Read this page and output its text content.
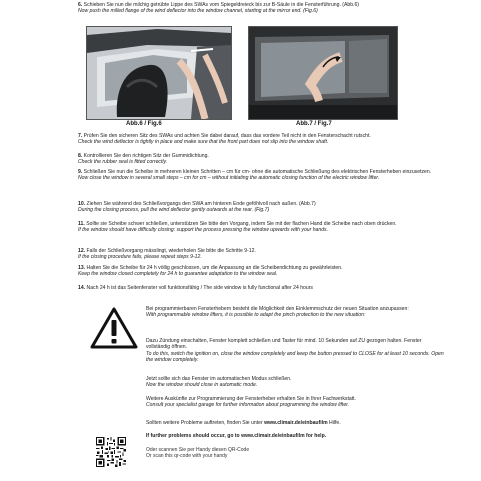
6. Schieben Sie nun die milchig getrübte Lippe des SWAs vom Spiegeldreieck bis zur B-Säule in die Fensterführung. (Abb.6)
Now push the milled flange of the wind deflector into the window channel, starting at the mirror end. (Fig.6)
Abb.6 / Fig.6	Abb.7 / Fig.7
7. Prüfen Sie den sicheren Sitz des SWAs und achten Sie dabei darauf, dass das vordere Teil nicht in den Fensterschacht rutscht.
Check the wind deflector is tightly in place and make sure that the front part does not slip into the window shaft.
8. Kontrollieren Sie den richtigen Sitz der Gummidichtung.
Check the rubber seal is fitted correctly.
9. Schließen Sie nun die Scheibe in mehreren kleinen Schritten – cm für cm- ohne die automatische Schließung des elektrischen Fensterheben einzusetzen.
Now close the window in several small steps – cm for cm – without initiating the automatic closing function of the electric window lifter.
10. Ziehen Sie während des Schließvorgangs den SWA am hinteren Ende geföhlvoll nach außen. (Abb.7)
During the closing process, pull the wind deflector gently outwards at the rear. (Fig.7)
11. Sollte sie Scheibe schwer schließen, unterstützen Sie bitte den Vorgang, indem Sie mit der flachen Hand die Scheibe nach oben drücken.
If the window should have difficulty closing: support the process pressing the window upwards with your hands.
12. Falls der Schließvorgang mässlingt, wiederholen Sie bitte die Schritte 9-12.
If the closing procedure fails, please repeat steps 9-12.
13. Halten Sie die Scheibe für 24 h völlig geschlossen, um die Anpassung an die Scheibendichtung zu gewährleisten.
Keep the window closed completely for 24 h to guarantee adaptation to the window seal.
14. Nach 24 h ist das Seitenfenster voll funktionsfähig / The side window is fully functional after 24 hours
Bei programmierbaren Fensterhebern besteht die Möglichkeit den Einklemmschutz der neuen Situation anzupassen:
With programmable window lifters, it is possible to adapt the pinch protection to the new situation:
Dazu Zündung einschalten, Fenster komplett schließen und Taster für mind. 10 Sekunden auf ZU gezogen halten. Fenster vollständig öffnen.
To do this, switch the ignition on, close the window completely and keep the button pressed to CLOSE for at least 10 seconds. Open the window completely.
Jetzt sollte sich das Fenster im automatischen Modus schließen.
Now the window should close in automatic mode.
Weitere Auskünfte zur Programmierung der Fensterheber erhalten Sie in Ihrer Fachwerkstatt.
Consult your specialist garage for further information about programming the window lifter.
Sollten weitere Probleme auftreten, finden Sie unter www.climair.de/einbaufilm Hilfe.
If further problems should occur, go to www.climair.de/einbaufilm for help.
Oder scannen Sie per Handy diesen QR-Code
Or scan this qr-code with your handy
